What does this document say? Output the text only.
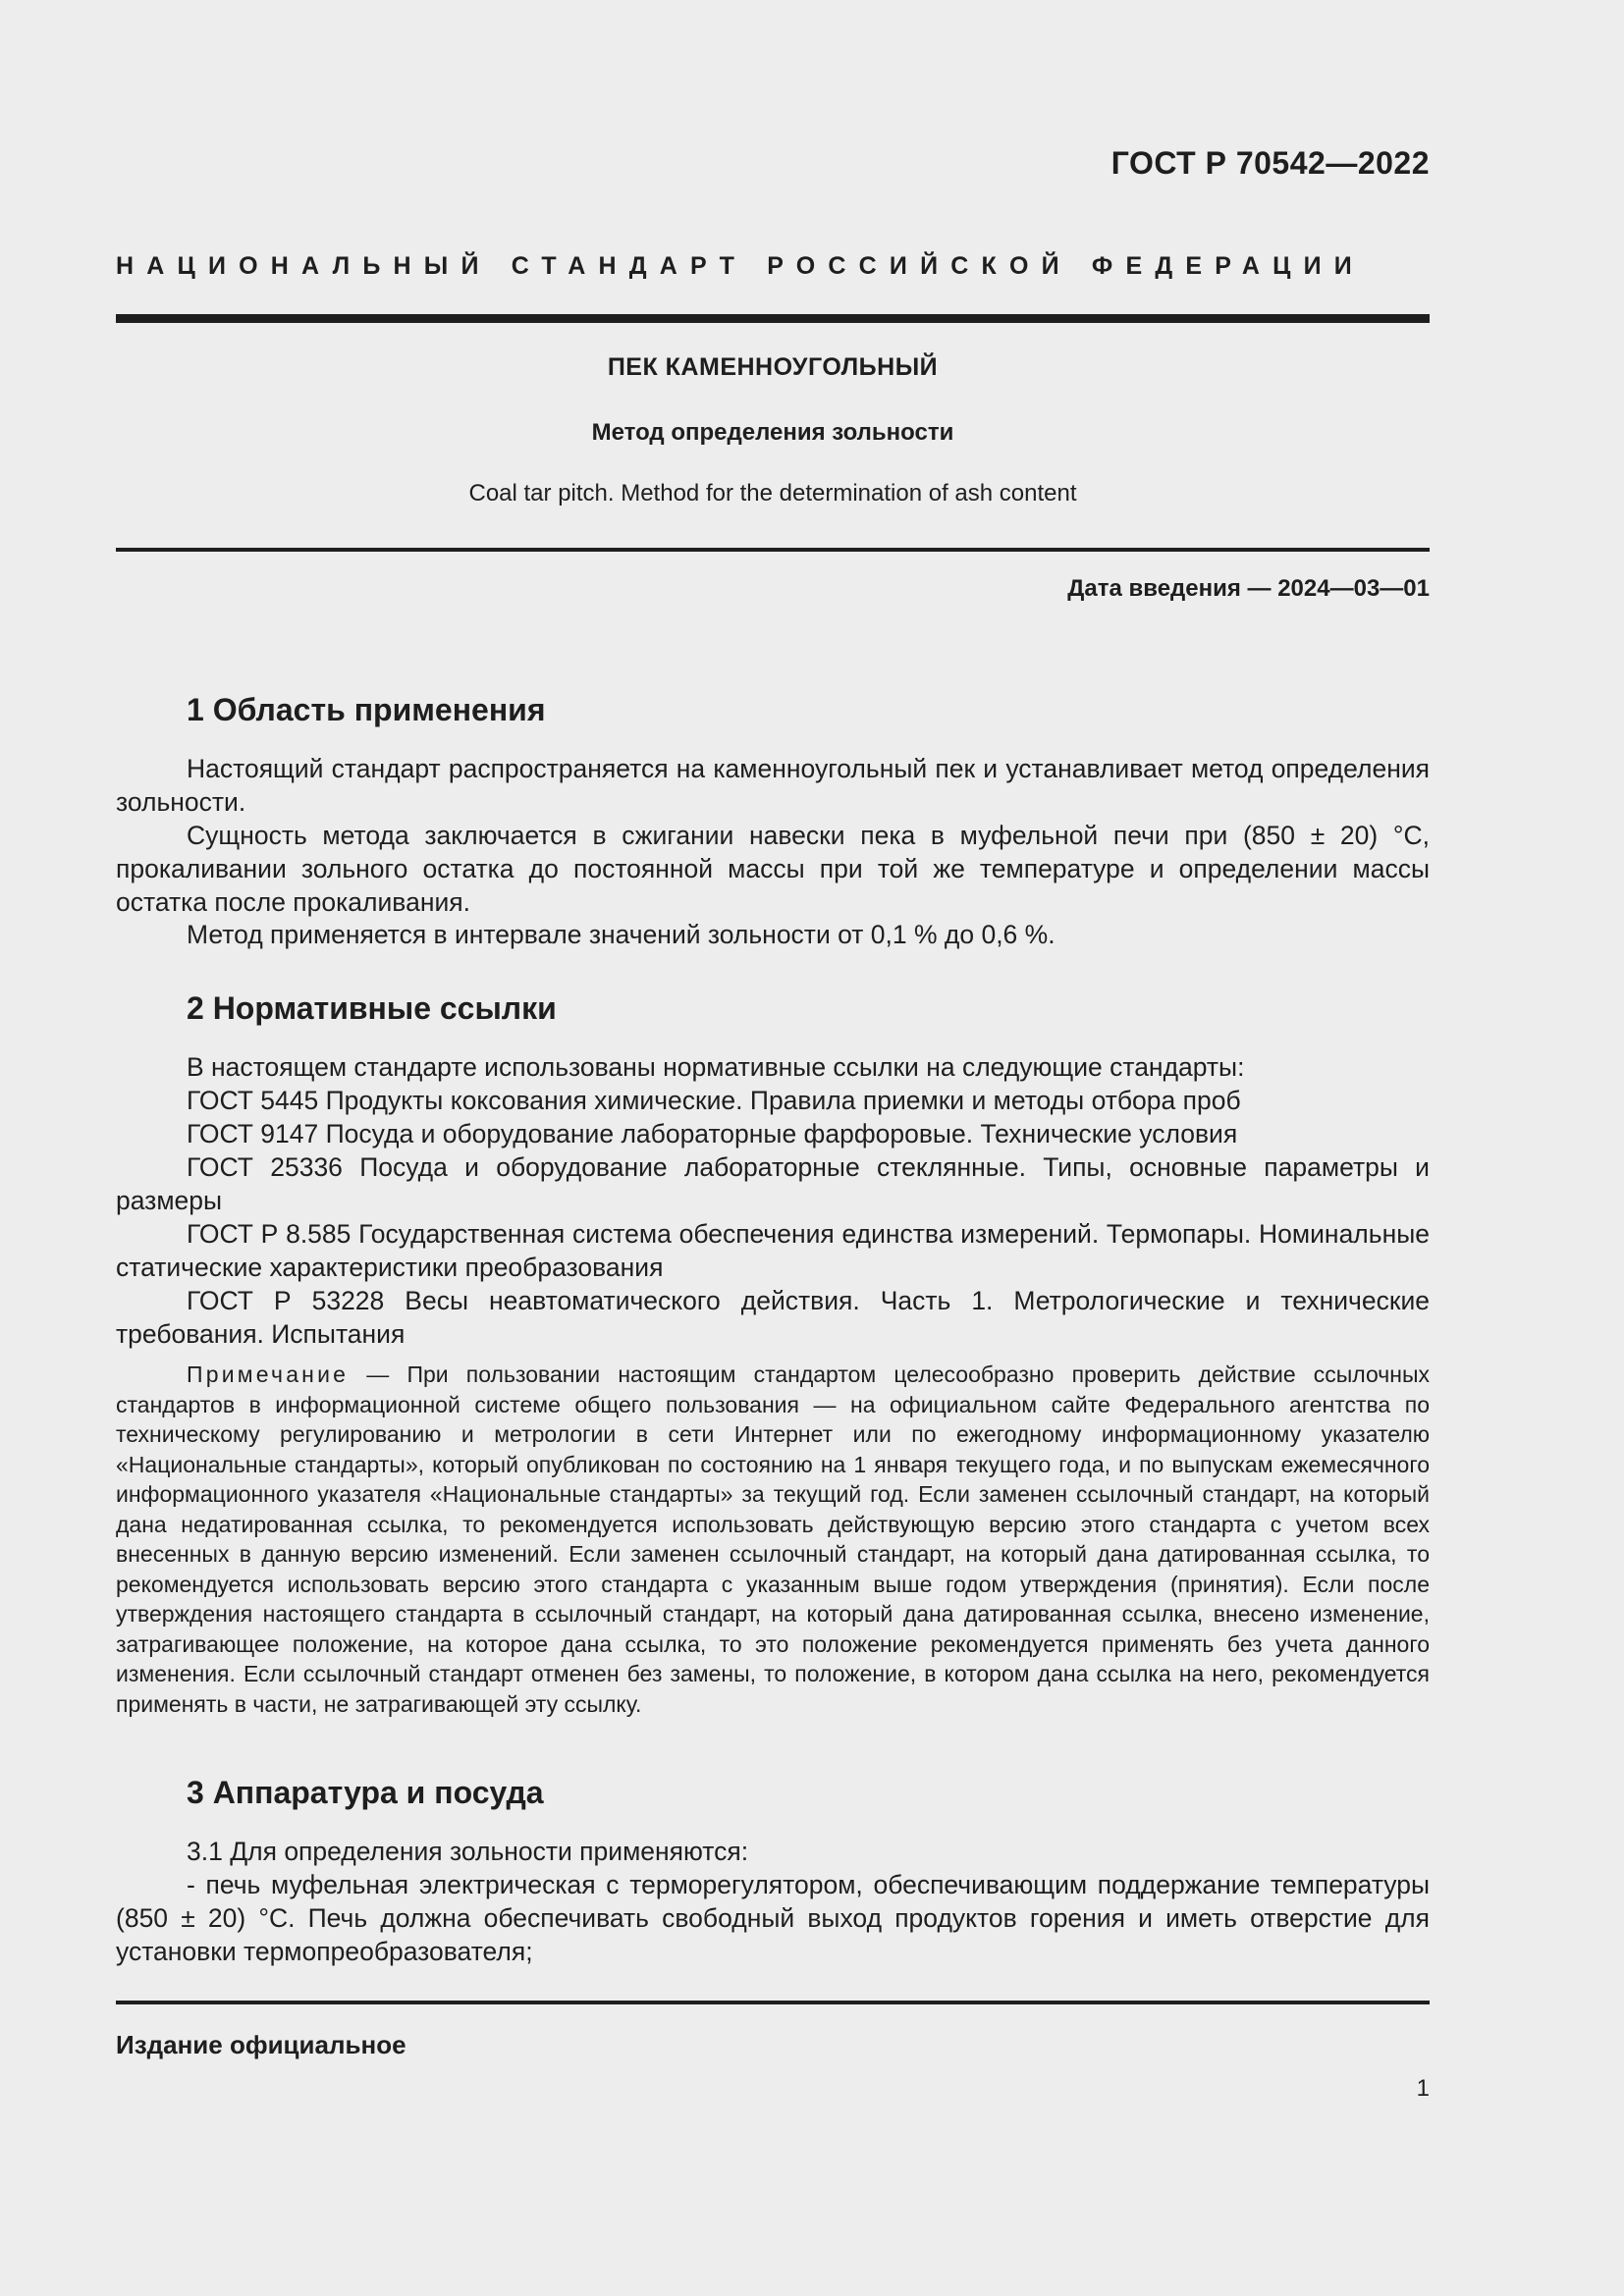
ГОСТ Р 70542—2022
НАЦИОНАЛЬНЫЙ СТАНДАРТ РОССИЙСКОЙ ФЕДЕРАЦИИ
ПЕК КАМЕННОУГОЛЬНЫЙ
Метод определения зольности
Coal tar pitch. Method for the determination of ash content
Дата введения — 2024—03—01
1 Область применения

Настоящий стандарт распространяется на каменноугольный пек и устанавливает метод определения зольности.

Сущность метода заключается в сжигании навески пека в муфельной печи при (850 ± 20) °С, прокаливании зольного остатка до постоянной массы при той же температуре и определении массы остатка после прокаливания.

Метод применяется в интервале значений зольности от 0,1 % до 0,6 %.

2 Нормативные ссылки

В настоящем стандарте использованы нормативные ссылки на следующие стандарты:

ГОСТ 5445 Продукты коксования химические. Правила приемки и методы отбора проб

ГОСТ 9147 Посуда и оборудование лабораторные фарфоровые. Технические условия

ГОСТ 25336 Посуда и оборудование лабораторные стеклянные. Типы, основные параметры и размеры

ГОСТ Р 8.585 Государственная система обеспечения единства измерений. Термопары. Номинальные статические характеристики преобразования

ГОСТ Р 53228 Весы неавтоматического действия. Часть 1. Метрологические и технические требования. Испытания

Примечание — При пользовании настоящим стандартом целесообразно проверить действие ссылочных стандартов в информационной системе общего пользования — на официальном сайте Федерального агентства по техническому регулированию и метрологии в сети Интернет или по ежегодному информационному указателю «Национальные стандарты», который опубликован по состоянию на 1 января текущего года, и по выпускам ежемесячного информационного указателя «Национальные стандарты» за текущий год. Если заменен ссылочный стандарт, на который дана недатированная ссылка, то рекомендуется использовать действующую версию этого стандарта с учетом всех внесенных в данную версию изменений. Если заменен ссылочный стандарт, на который дана датированная ссылка, то рекомендуется использовать версию этого стандарта с указанным выше годом утверждения (принятия). Если после утверждения настоящего стандарта в ссылочный стандарт, на который дана датированная ссылка, внесено изменение, затрагивающее положение, на которое дана ссылка, то это положение рекомендуется применять без учета данного изменения. Если ссылочный стандарт отменен без замены, то положение, в котором дана ссылка на него, рекомендуется применять в части, не затрагивающей эту ссылку.

3 Аппаратура и посуда

3.1 Для определения зольности применяются:

- печь муфельная электрическая с терморегулятором, обеспечивающим поддержание температуры (850 ± 20) °С. Печь должна обеспечивать свободный выход продуктов горения и иметь отверстие для установки термопреобразователя;

Издание официальное
1
